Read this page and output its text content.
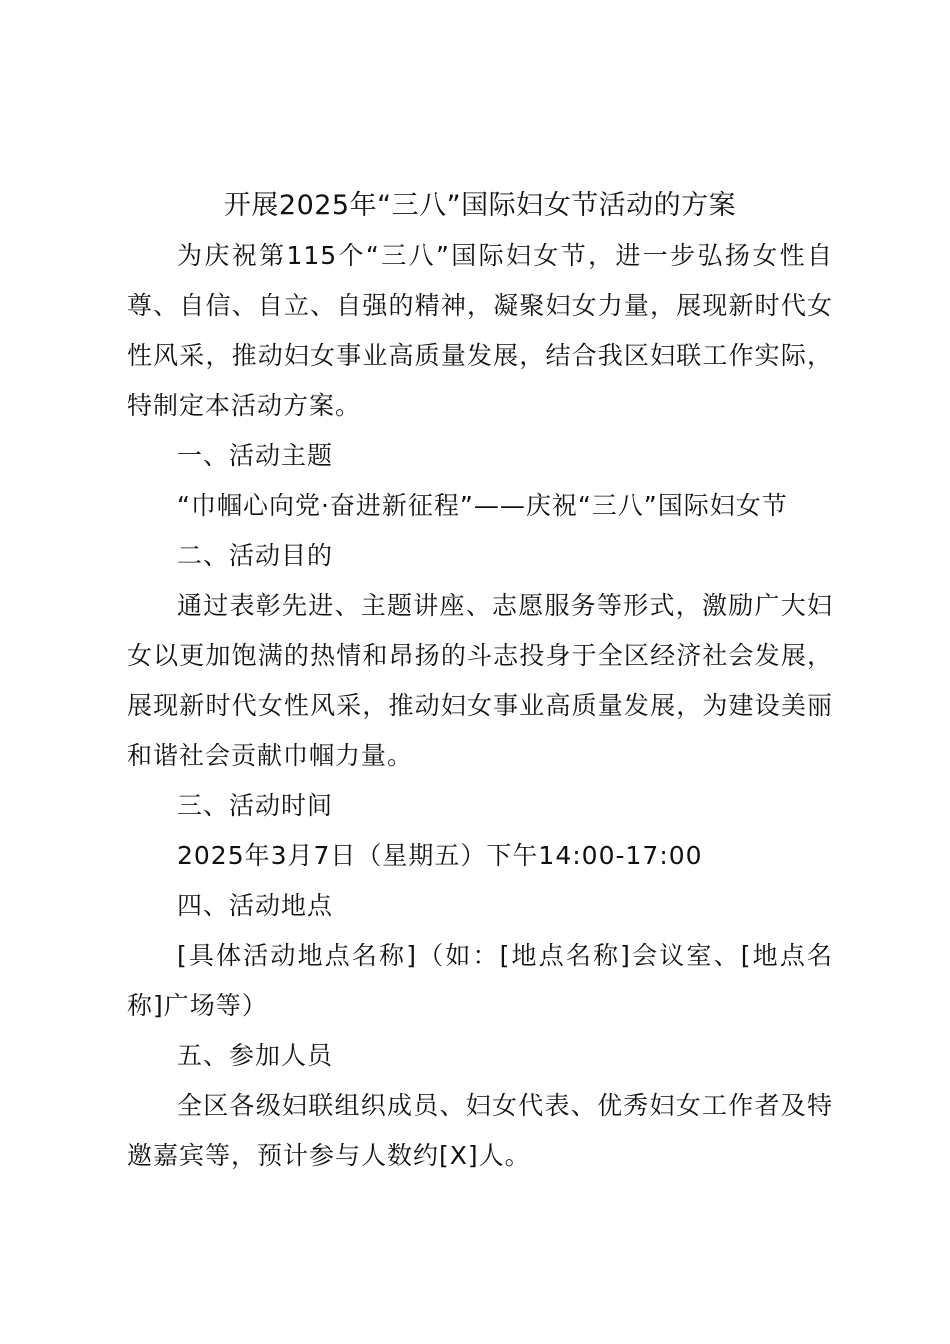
开展2025年“三八”国际妇女节活动的方案

为庆祝第115个“三八”国际妇女节，进一步弘扬女性自尊、自信、自立、自强的精神，凝聚妇女力量，展现新时代女性风采，推动妇女事业高质量发展，结合我区妇联工作实际，特制定本活动方案。

一、活动主题

“巾帼心向党·奋进新征程”——庆祝“三八”国际妇女节

二、活动目的

通过表彰先进、主题讲座、志愿服务等形式，激励广大妇女以更加饱满的热情和昂扬的斗志投身于全区经济社会发展，展现新时代女性风采，推动妇女事业高质量发展，为建设美丽和谐社会贡献巾帼力量。

三、活动时间

2025年3月7日（星期五）下午14:00-17:00

四、活动地点

[具体活动地点名称]（如：[地点名称]会议室、[地点名称]广场等）

五、参加人员

全区各级妇联组织成员、妇女代表、优秀妇女工作者及特邀嘉宾等，预计参与人数约[X]人。
